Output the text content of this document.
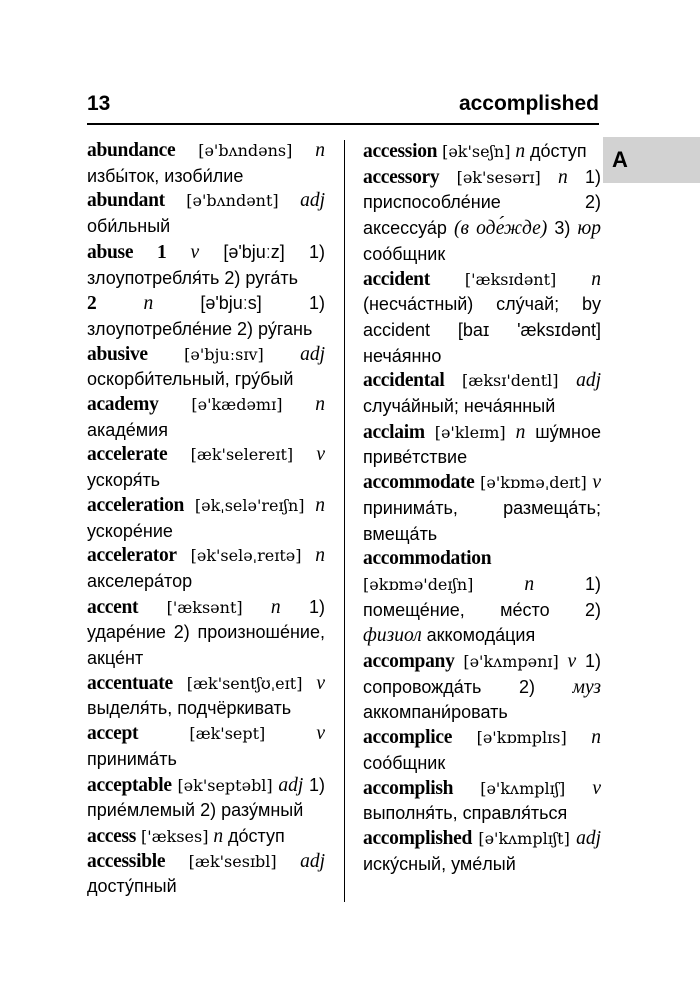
13	accomplished
A

abundance [ə'bʌndəns] n избы́ток, изоби́лие

abundant [ə'bʌndənt] adj оби́льный

abuse 1 v [ə'bjuːz] 1) злоупотребля́ть 2) руга́ть

2 n	[ə'bjuːs] 1) злоупотребле́ние 2) ру́гань

abusive [ə'bjuːsɪv] adj оскорби́тельный, гру́бый

academy [ə'kædəmɪ] n акаде́мия

accelerate [æk'selereɪt] v ускоря́ть

acceleration [əkˌselə'reɪʃn] n ускоре́ние

accelerator [ək'seləˌreɪtə] n акселера́тор

accent ['æksənt] n 1) ударе́ние 2) произноше́ние, акце́нт

accentuate [æk'sentʃʊˌeɪt] v выделя́ть, подчёркивать

accept	[æk'sept]	v принима́ть

acceptable [ək'septəbl] adj 1) прие́млемый 2) разу́мный

access ['ækses] n до́ступ

accessible [æk'sesɪbl] adj досту́пный

accession [ək'seʃn] n до́ступ

accessory [ək'sesərɪ] n 1) приспособле́ние 2) аксессуа́р (в оде́жде) 3) юр соо́бщник

accident ['æksɪdənt] n (несча́стный) слу́чай; by accident [baɪ 'æksɪdənt] неча́янно

accidental [æksɪ'dentl] adj случа́йный; неча́янный

acclaim [ə'kleɪm] n шу́мное приве́тствие

accommodate [ə'kɒməˌdeɪt] v принима́ть, размеща́ть; вмеща́ть

accommodation [əkɒmə'deɪʃn]	n	1) помеще́ние, ме́сто 2) физиол аккомода́ция

accompany [ə'kʌmpənɪ] v 1) сопровожда́ть 2) муз аккомпани́ровать

accomplice [ə'kɒmplɪs] n соо́бщник

accomplish [ə'kʌmplɪʃ] v выполня́ть, справля́ться

accomplished [ə'kʌmplɪʃt] adj иску́сный, уме́лый
